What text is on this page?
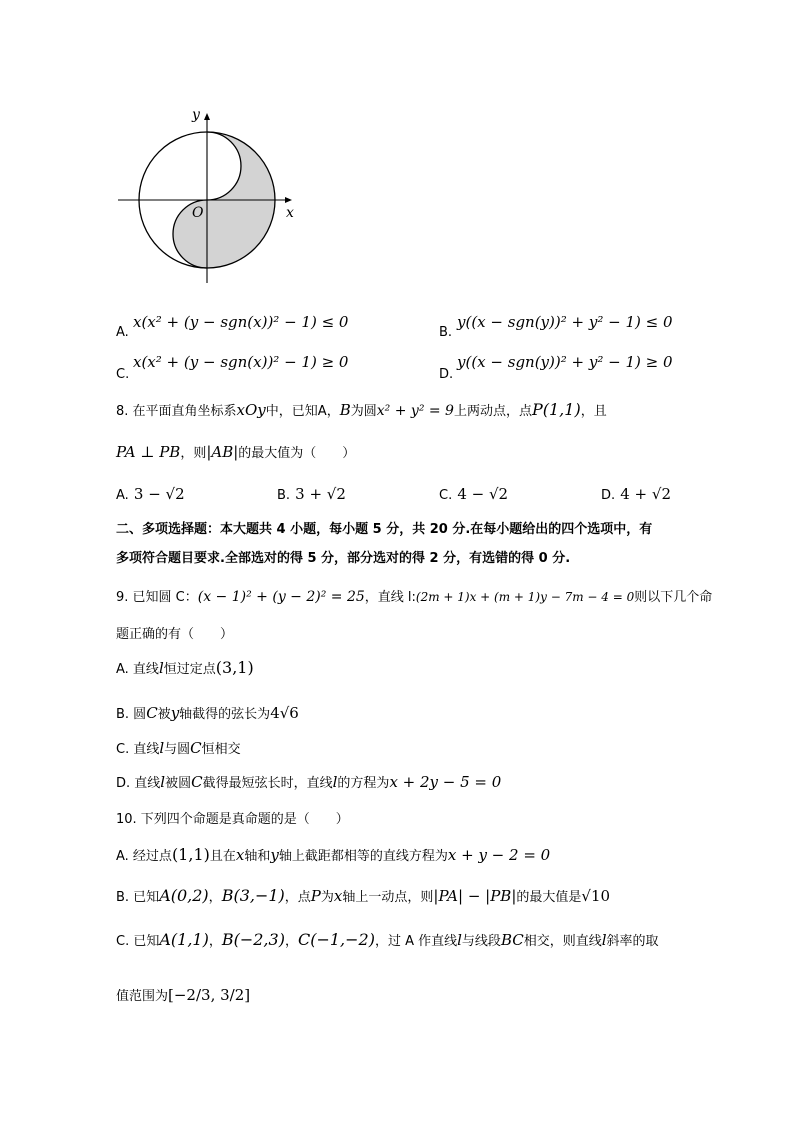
y
x
O
A.
x(x² + (y − sgn(x))² − 1) ≤ 0
B.
y((x − sgn(y))² + y² − 1) ≤ 0
C.
x(x² + (y − sgn(x))² − 1) ≥ 0
D.
y((x − sgn(y))² + y² − 1) ≥ 0
8. 在平面直角坐标系xOy中，已知A，B为圆x² + y² = 9上两动点，点P(1,1)，且
PA ⊥ PB，则|AB|的最大值为（　　）
A. 3 − √2	B. 3 + √2	C. 4 − √2	D. 4 + √2
二、多项选择题：本大题共 4 小题，每小题 5 分，共 20 分.在每小题给出的四个选项中，有
多项符合题目要求.全部选对的得 5 分，部分选对的得 2 分，有选错的得 0 分.
9. 已知圆 C：(x − 1)² + (y − 2)² = 25，直线 l:(2m + 1)x + (m + 1)y − 7m − 4 = 0则以下几个命
题正确的有（　　）
A. 直线l恒过定点(3,1)
B. 圆C被y轴截得的弦长为4√6
C. 直线l与圆C恒相交
D. 直线l被圆C截得最短弦长时，直线l的方程为x + 2y − 5 = 0
10. 下列四个命题是真命题的是（　　）
A. 经过点(1,1)且在x轴和y轴上截距都相等的直线方程为x + y − 2 = 0
B. 已知A(0,2)，B(3,−1)，点P为x轴上一动点，则|PA| − |PB|的最大值是√10
C. 已知A(1,1)，B(−2,3)，C(−1,−2)，过 A 作直线l与线段BC相交，则直线l斜率的取
值范围为[−2/3, 3/2]
